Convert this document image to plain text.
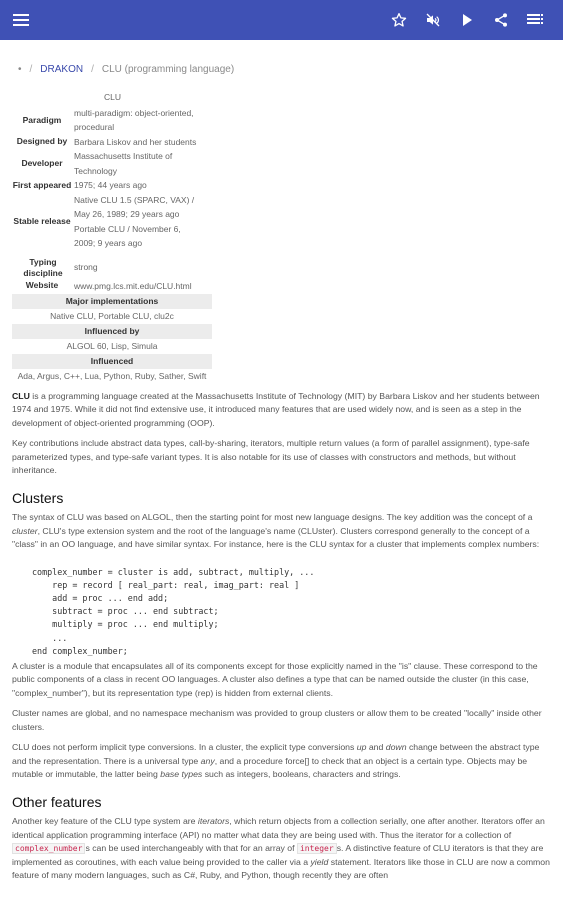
• / DRAKON / CLU (programming language)
CLU
Paradigm
multi-paradigm: object-oriented, procedural
Designed by Barbara Liskov and her students
Developer
Massachusetts Institute of Technology
First appeared 1975; 44 years ago
Stable release
Native CLU 1.5 (SPARC, VAX) / May 26, 1989; 29 years ago Portable CLU / November 6, 2009; 9 years ago
Typing discipline
strong
Website	www.pmg.lcs.mit.edu/CLU.html
Major implementations
Native CLU, Portable CLU, clu2c
Influenced by
ALGOL 60, Lisp, Simula
Influenced
Ada, Argus, C++, Lua, Python, Ruby, Sather, Swift

CLU is a programming language created at the Massachusetts Institute of Technology (MIT) by Barbara Liskov and her students between 1974 and 1975. While it did not find extensive use, it introduced many features that are used widely now, and is seen as a step in the development of object-oriented programming (OOP).

Key contributions include abstract data types, call-by-sharing, iterators, multiple return values (a form of parallel assignment), type-safe parameterized types, and type-safe variant types. It is also notable for its use of classes with constructors and methods, but without inheritance.

Clusters

The syntax of CLU was based on ALGOL, then the starting point for most new language designs. The key addition was the concept of a cluster, CLU's type extension system and the root of the language's name (CLUster). Clusters correspond generally to the concept of a "class" in an OO language, and have similar syntax. For instance, here is the CLU syntax for a cluster that implements complex numbers:

complex_number = cluster is add, subtract, multiply, ...
rep = record [ real_part: real, imag_part: real ]
add = proc ... end add;
subtract = proc ... end subtract;
multiply = proc ... end multiply;
...
end complex_number;

A cluster is a module that encapsulates all of its components except for those explicitly named in the "is" clause. These correspond to the public components of a class in recent OO languages. A cluster also defines a type that can be named outside the cluster (in this case, "complex_number"), but its representation type (rep) is hidden from external clients.

Cluster names are global, and no namespace mechanism was provided to group clusters or allow them to be created "locally" inside other clusters.

CLU does not perform implicit type conversions. In a cluster, the explicit type conversions up and down change between the abstract type and the representation. There is a universal type any, and a procedure force[] to check that an object is a certain type. Objects may be mutable or immutable, the latter being base types such as integers, booleans, characters and strings.

Other features

Another key feature of the CLU type system are iterators, which return objects from a collection serially, one after another. Iterators offer an identical application programming interface (API) no matter what data they are being used with. Thus the iterator for a collection of complex_number s can be used interchangeably with that for an array of integer s. A distinctive feature of CLU iterators is that they are implemented as coroutines, with each value being provided to the caller via a yield statement. Iterators like those in CLU are now a common feature of many modern languages, such as C#, Ruby, and Python, though recently they are often
